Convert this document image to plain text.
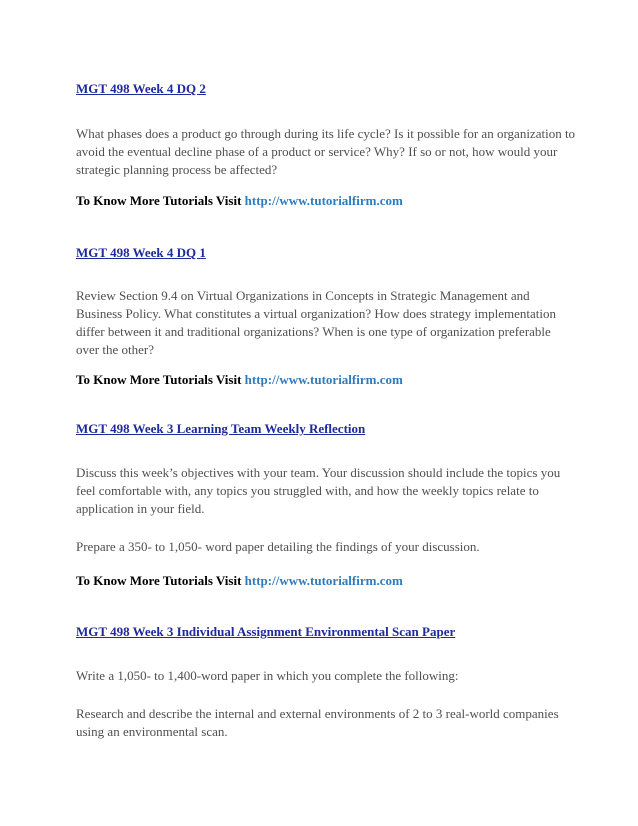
MGT 498 Week 4 DQ 2

What phases does a product go through during its life cycle? Is it possible for an organization to avoid the eventual decline phase of a product or service? Why? If so or not, how would your strategic planning process be affected?

To Know More Tutorials Visit http://www.tutorialfirm.com
MGT 498 Week 4 DQ 1

Review Section 9.4 on Virtual Organizations in Concepts in Strategic Management and Business Policy. What constitutes a virtual organization? How does strategy implementation differ between it and traditional organizations? When is one type of organization preferable over the other?

To Know More Tutorials Visit http://www.tutorialfirm.com
MGT 498 Week 3 Learning Team Weekly Reflection

Discuss this week’s objectives with your team. Your discussion should include the topics you feel comfortable with, any topics you struggled with, and how the weekly topics relate to application in your field.

Prepare a 350- to 1,050- word paper detailing the findings of your discussion.

To Know More Tutorials Visit http://www.tutorialfirm.com
MGT 498 Week 3 Individual Assignment Environmental Scan Paper

Write a 1,050- to 1,400-word paper in which you complete the following:

Research and describe the internal and external environments of 2 to 3 real-world companies using an environmental scan.
